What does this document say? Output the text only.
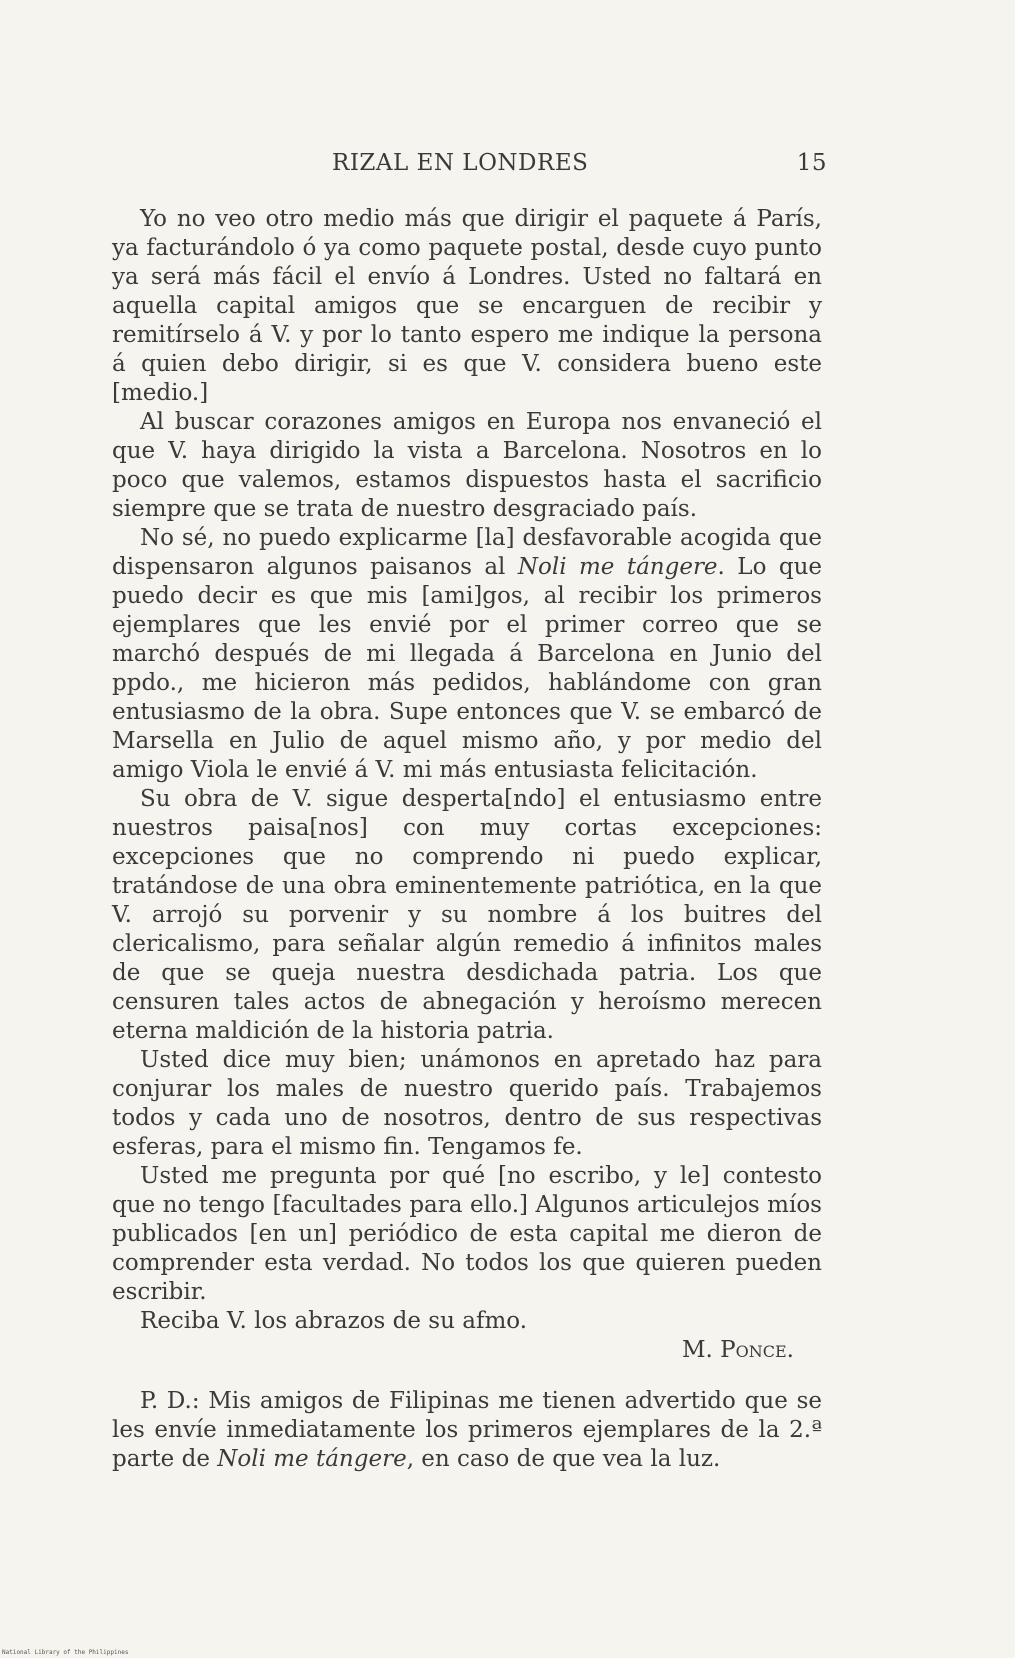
RIZAL EN LONDRES	15

Yo no veo otro medio más que dirigir el paquete á París, ya facturándolo ó ya como paquete postal, desde cuyo punto ya será más fácil el envío á Londres. Usted no faltará en aquella capital amigos que se encarguen de recibir y remitírselo á V. y por lo tanto espero me indique la persona á quien debo dirigir, si es que V. considera bueno este [medio.]

Al buscar corazones amigos en Europa nos envaneció el que V. haya dirigido la vista a Barcelona. Nosotros en lo poco que valemos, estamos dispuestos hasta el sacrificio siempre que se trata de nuestro desgraciado país.

No sé, no puedo explicarme [la] desfavorable acogida que dispensaron algunos paisanos al Noli me tángere. Lo que puedo decir es que mis [ami]gos, al recibir los primeros ejemplares que les envié por el primer correo que se marchó después de mi llegada á Barcelona en Junio del ppdo., me hicieron más pedidos, hablándome con gran entusiasmo de la obra. Supe entonces que V. se embarcó de Marsella en Julio de aquel mismo año, y por medio del amigo Viola le envié á V. mi más entusiasta felicitación.

Su obra de V. sigue desperta[ndo] el entusiasmo entre nuestros paisa[nos] con muy cortas excepciones: excepciones que no comprendo ni puedo explicar, tratándose de una obra eminentemente patriótica, en la que V. arrojó su porvenir y su nombre á los buitres del clericalismo, para señalar algún remedio á infinitos males de que se queja nuestra desdichada patria. Los que censuren tales actos de abnegación y heroísmo merecen eterna maldición de la historia patria.

Usted dice muy bien; unámonos en apretado haz para conjurar los males de nuestro querido país. Trabajemos todos y cada uno de nosotros, dentro de sus respectivas esferas, para el mismo fin. Tengamos fe.

Usted me pregunta por qué [no escribo, y le] contesto que no tengo [facultades para ello.] Algunos articulejos míos publicados [en un] periódico de esta capital me dieron de comprender esta verdad. No todos los que quieren pueden escribir.

Reciba V. los abrazos de su afmo.

M. Ponce.

P. D.: Mis amigos de Filipinas me tienen advertido que se les envíe inmediatamente los primeros ejemplares de la 2.ª parte de Noli me tángere, en caso de que vea la luz.

National Library of the Philippines
